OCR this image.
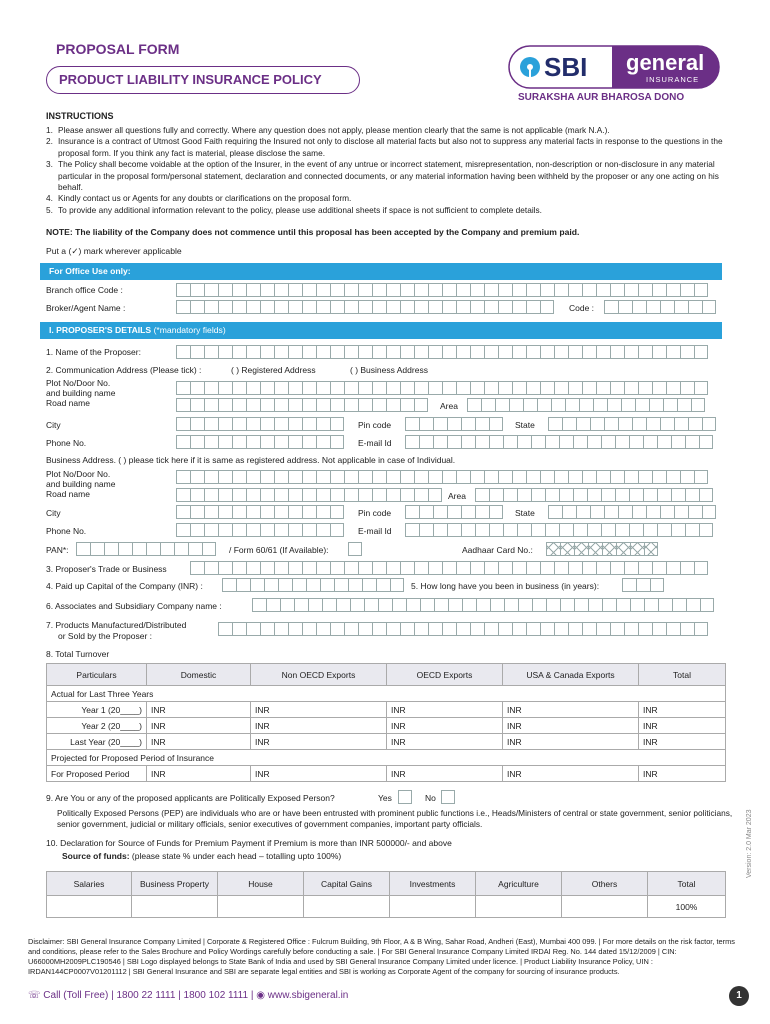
PROPOSAL FORM
PRODUCT LIABILITY INSURANCE POLICY	SBI general
INSURANCE
SURAKSHA AUR BHAROSA DONO
INSTRUCTIONS
1. Please answer all questions fully and correctly. Where any question does not apply, please mention clearly that the same is not applicable (mark N.A.).
2. Insurance is a contract of Utmost Good Faith requiring the Insured not only to disclose all material facts but also not to suppress any material facts in response to the questions in the proposal form. If you think any fact is material, please disclose the same.
3. The Policy shall become voidable at the option of the Insurer, in the event of any untrue or incorrect statement, misrepresentation, non-description or non-disclosure in any material particular in the proposal form/personal statement, declaration and connected documents, or any material information having been withheld by the proposer or any one acting on his behalf.
4. Kindly contact us or Agents for any doubts or clarifications on the proposal form.
5. To provide any additional information relevant to the policy, please use additional sheets if space is not sufficient to complete details.
NOTE: The liability of the Company does not commence until this proposal has been accepted by the Company and premium paid.
Put a (✓) mark wherever applicable
For Office Use only:
Branch office Code :
Broker/Agent Name :	Code :
I. PROPOSER'S DETAILS (*mandatory fields)
1. Name of the Proposer:
2. Communication Address (Please tick) :	( ) Registered Address	( ) Business Address
Plot No/Door No.
and building name
Road name	Area
City	Pin code	State
Phone No.	E-mail Id
Business Address. ( ) please tick here if it is same as registered address. Not applicable in case of Individual.
Plot No/Door No.
and building name
Road name	Area
City	Pin code	State
Phone No.	E-mail Id
PAN*:	/ Form 60/61 (If Available):	Aadhaar Card No.:
3. Proposer's Trade or Business
4. Paid up Capital of the Company (INR) :	5. How long have you been in business (in years):
6. Associates and Subsidiary Company name :
7. Products Manufactured/Distributed
or Sold by the Proposer :
8. Total Turnover
Particulars	Domestic	Non OECD Exports	OECD Exports	USA & Canada Exports	Total
Actual for Last Three Years					
Year 1 (20____)	INR	INR	INR	INR	INR
Year 2 (20____)	INR	INR	INR	INR	INR
Last Year (20____)	INR	INR	INR	INR	INR
Projected for Proposed Period of Insurance					
For Proposed Period	INR	INR	INR	INR	INR
9. Are You or any of the proposed applicants are Politically Exposed Person?	Yes	No
Politically Exposed Persons (PEP) are individuals who are or have been entrusted with prominent public functions i.e., Heads/Ministers of central or state government, senior politicians, senior government, judicial or military officials, senior executives of government companies, important party officials.
10. Declaration for Source of Funds for Premium Payment if Premium is more than INR 500000/- and above
Source of funds: (please state % under each head – totalling upto 100%)
Salaries	Business Property	House	Capital Gains	Investments	Agriculture	Others	Total
							100%
Version: 2.0 Mar 2023
Disclaimer: SBI General Insurance Company Limited | Corporate & Registered Office : Fulcrum Building, 9th Floor, A & B Wing, Sahar Road, Andheri (East), Mumbai 400 099. | For more details on the risk factor, terms and conditions, please refer to the Sales Brochure and Policy Wordings carefully before conducting a sale. | For SBI General Insurance Company Limited IRDAI Reg. No. 144 dated 15/12/2009 | CIN: U66000MH2009PLC190546 | SBI Logo displayed belongs to State Bank of India and used by SBI General Insurance Company Limited under licence. | Product Liability Insurance Policy, UIN : IRDAN144CP0007V01201112 | SBI General Insurance and SBI are separate legal entities and SBI is working as Corporate Agent of the company for sourcing of insurance products.
☏ Call (Toll Free) | 1800 22 1111 | 1800 102 1111 | ◉ www.sbigeneral.in	1
